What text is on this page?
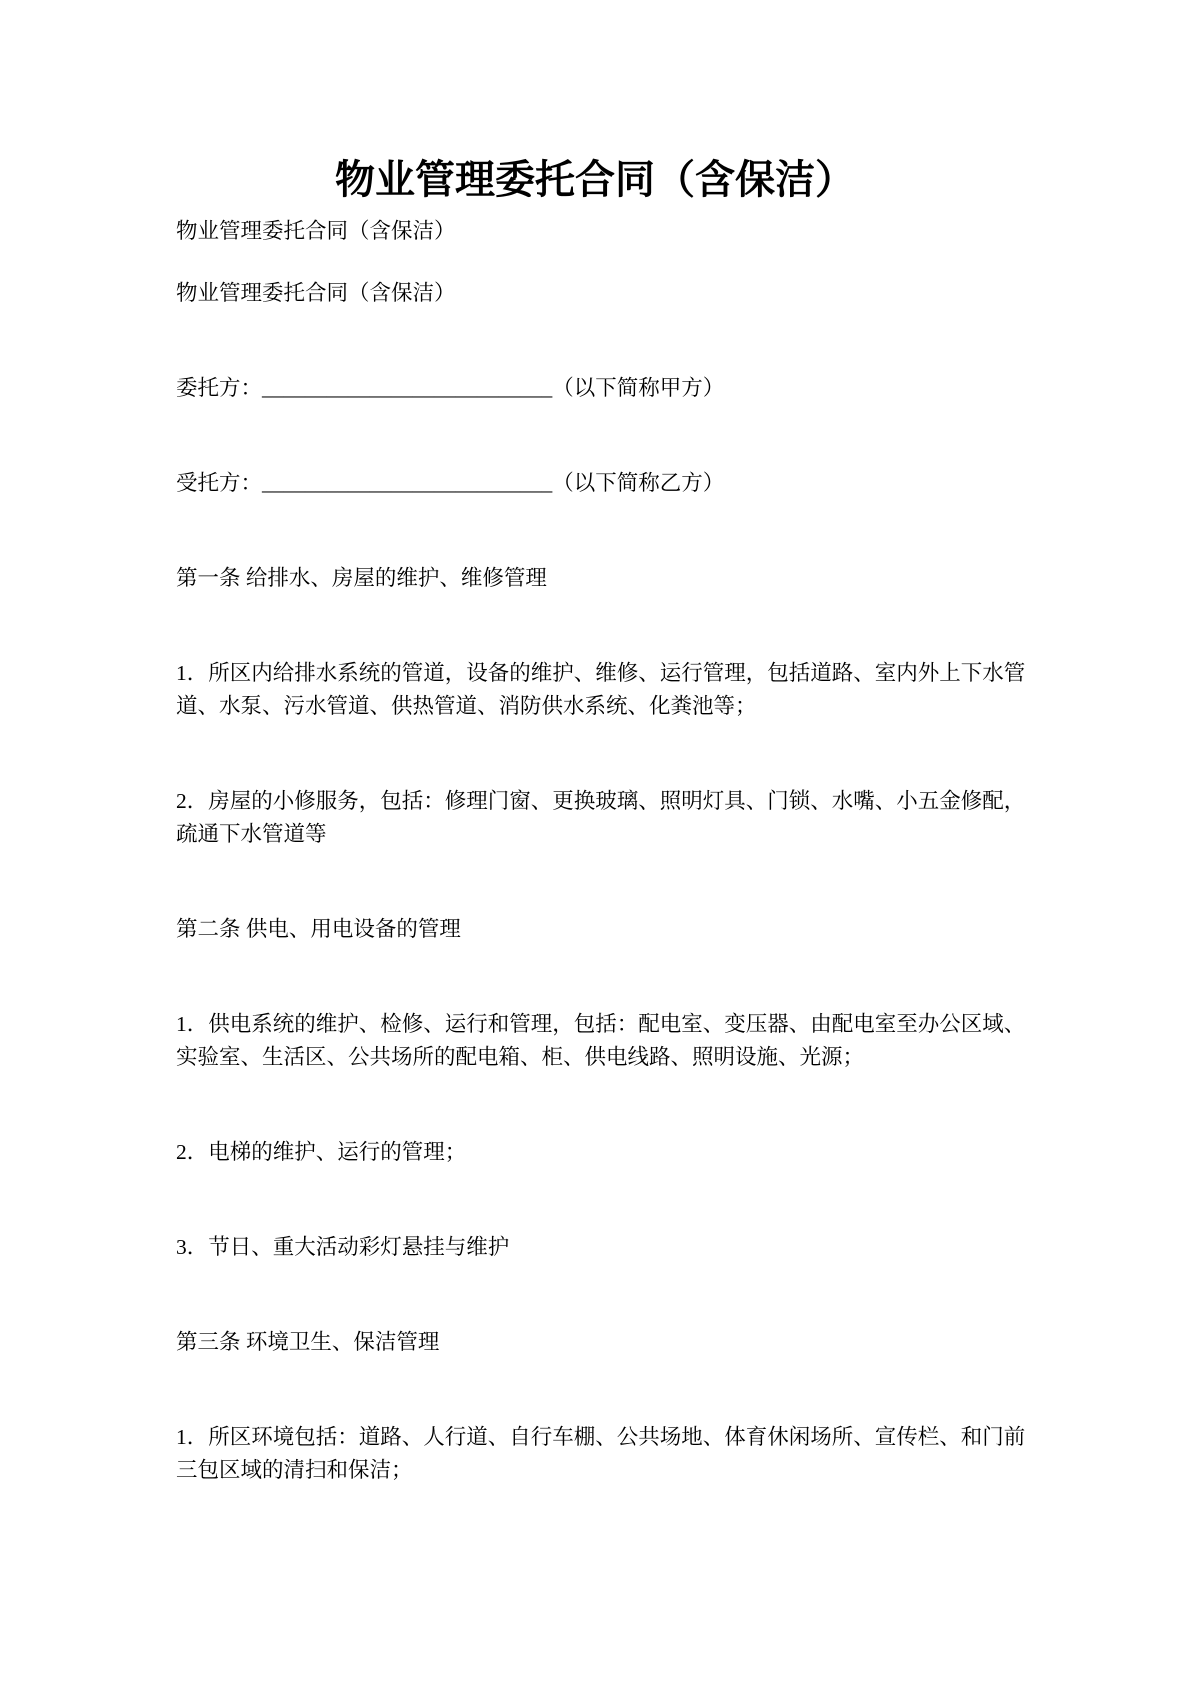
物业管理委托合同（含保洁）

物业管理委托合同（含保洁）

物业管理委托合同（含保洁）

委托方：___________________________（以下简称甲方）

受托方：___________________________（以下简称乙方）

第一条 给排水、房屋的维护、维修管理

1．所区内给排水系统的管道，设备的维护、维修、运行管理，包括道路、室内外上下水管道、水泵、污水管道、供热管道、消防供水系统、化粪池等；

2．房屋的小修服务，包括：修理门窗、更换玻璃、照明灯具、门锁、水嘴、小五金修配，疏通下水管道等

第二条 供电、用电设备的管理

1．供电系统的维护、检修、运行和管理，包括：配电室、变压器、由配电室至办公区域、实验室、生活区、公共场所的配电箱、柜、供电线路、照明设施、光源；

2．电梯的维护、运行的管理；

3．节日、重大活动彩灯悬挂与维护

第三条 环境卫生、保洁管理

1．所区环境包括：道路、人行道、自行车棚、公共场地、体育休闲场所、宣传栏、和门前三包区域的清扫和保洁；
